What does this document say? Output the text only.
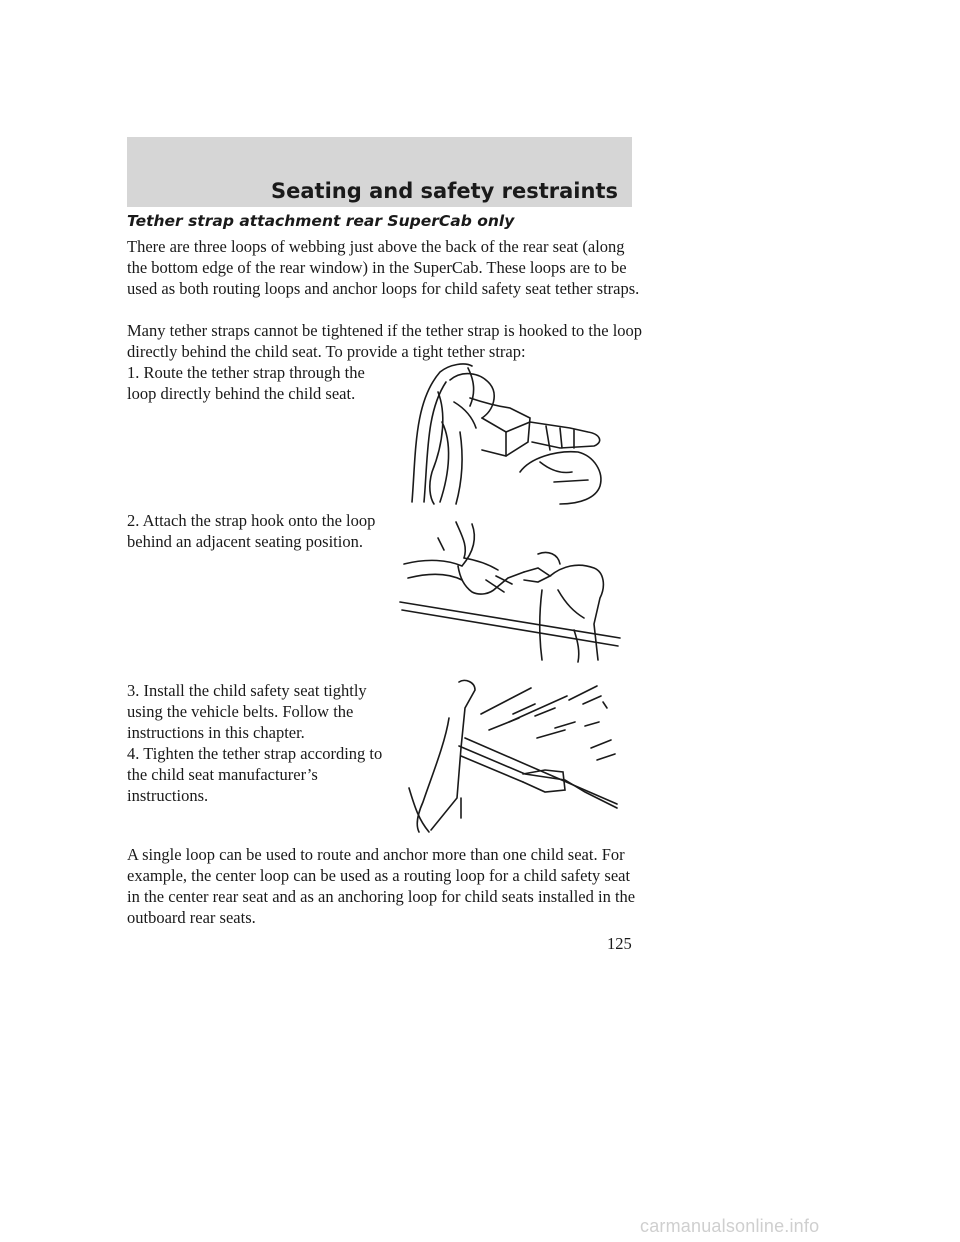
Seating and safety restraints
Tether strap attachment rear SuperCab only
There are three loops of webbing just above the back of the rear seat (along the bottom edge of the rear window) in the SuperCab. These loops are to be used as both routing loops and anchor loops for child safety seat tether straps.
Many tether straps cannot be tightened if the tether strap is hooked to the loop directly behind the child seat. To provide a tight tether strap:
1. Route the tether strap through the loop directly behind the child seat.
2. Attach the strap hook onto the loop behind an adjacent seating position.
3. Install the child safety seat tightly using the vehicle belts. Follow the instructions in this chapter.
4. Tighten the tether strap according to the child seat manufacturer’s instructions.
A single loop can be used to route and anchor more than one child seat. For example, the center loop can be used as a routing loop for a child safety seat in the center rear seat and as an anchoring loop for child seats installed in the outboard rear seats.
125
carmanualsonline.info
